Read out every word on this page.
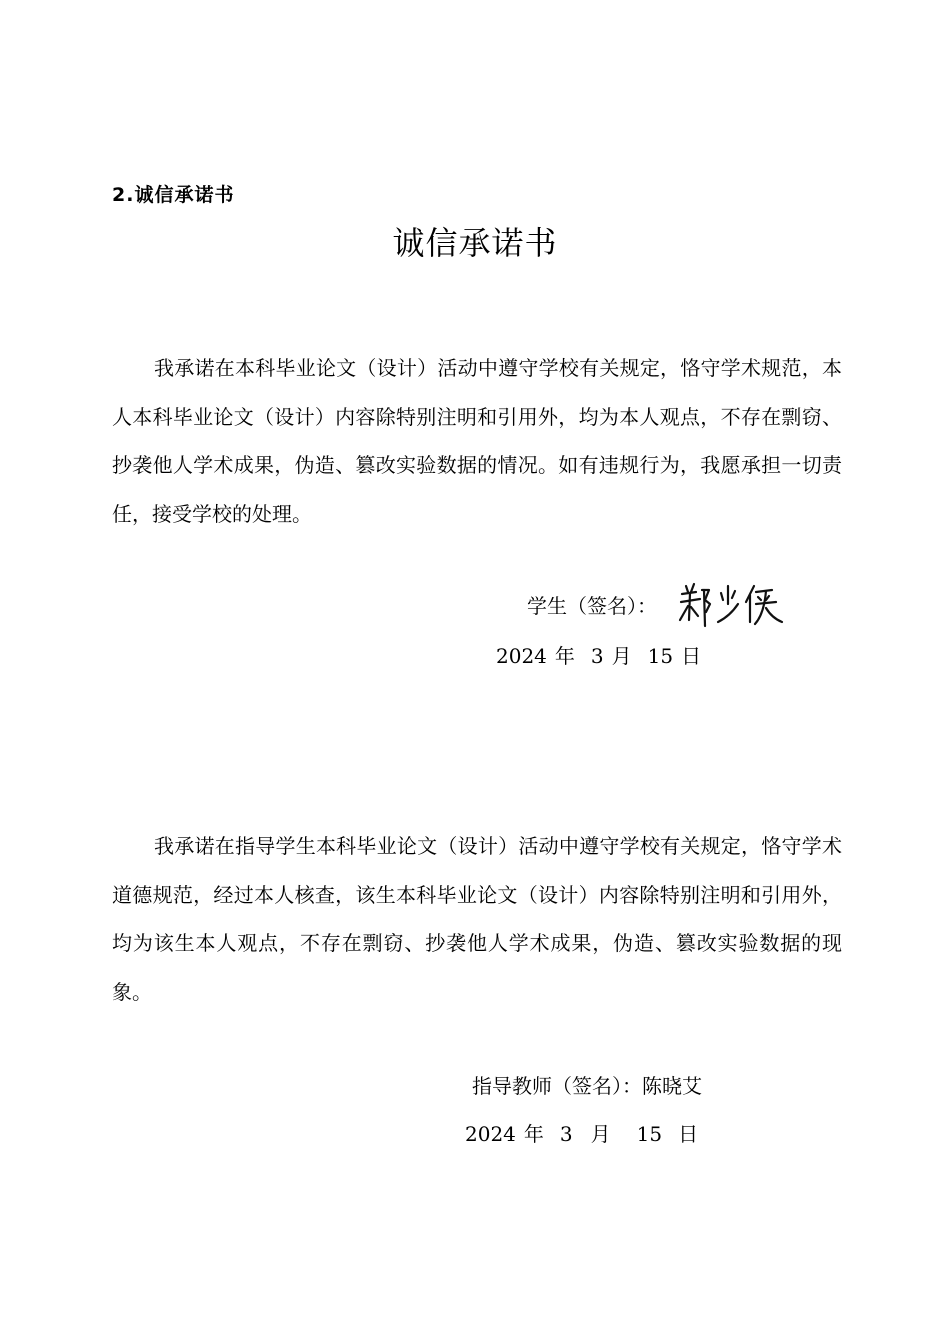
2.诚信承诺书
诚信承诺书

我承诺在本科毕业论文（设计）活动中遵守学校有关规定，恪守学术规范，本人本科毕业论文（设计）内容除特别注明和引用外，均为本人观点，不存在剽窃、抄袭他人学术成果，伪造、篡改实验数据的情况。如有违规行为，我愿承担一切责任，接受学校的处理。

学生（签名）：
2024 年 3 月 15 日

我承诺在指导学生本科毕业论文（设计）活动中遵守学校有关规定，恪守学术道德规范，经过本人核查，该生本科毕业论文（设计）内容除特别注明和引用外，均为该生本人观点，不存在剽窃、抄袭他人学术成果，伪造、篡改实验数据的现象。

指导教师（签名）：陈晓艾
2024 年 3 月 15 日
